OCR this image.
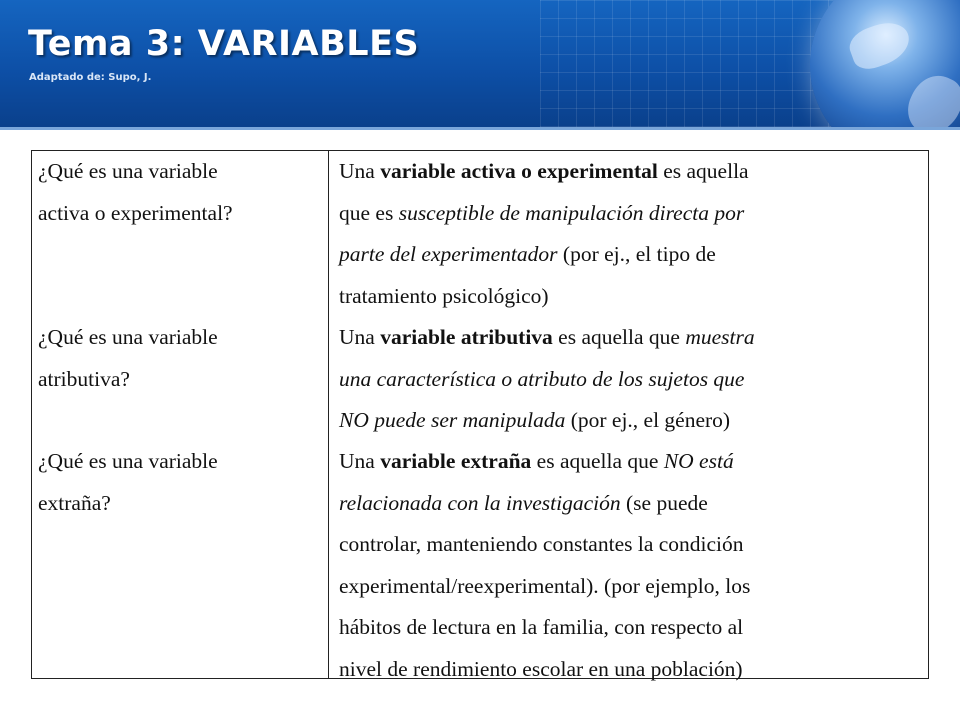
Tema 3: VARIABLES
Adaptado de: Supo, J.
¿Qué es una variable
activa o experimental?
¿Qué es una variable
atributiva?
¿Qué es una variable
extraña?
Una variable activa o experimental es aquella
que es susceptible de manipulación directa por
parte del experimentador (por ej., el tipo de
tratamiento psicológico)
Una variable atributiva es aquella que muestra
una característica o atributo de los sujetos que
NO puede ser manipulada (por ej., el género)
Una variable extraña es aquella que NO está
relacionada con la investigación (se puede
controlar, manteniendo constantes la condición
experimental/reexperimental). (por ejemplo, los
hábitos de lectura en la familia, con respecto al
nivel de rendimiento escolar en una población)
